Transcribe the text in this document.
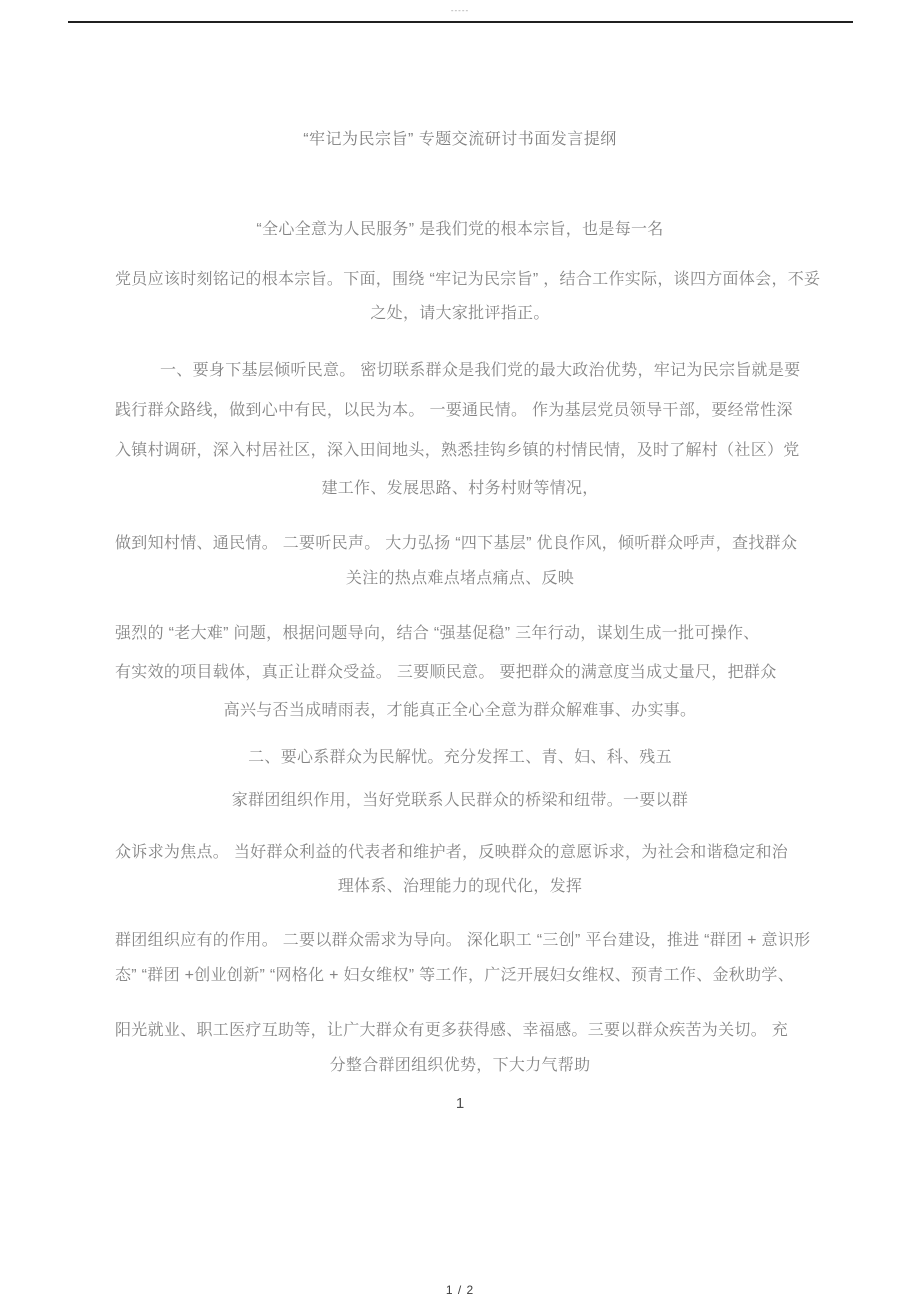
-----
“牢记为民宗旨” 专题交流研讨书面发言提纲
“全心全意为人民服务” 是我们党的根本宗旨，也是每一名
党员应该时刻铭记的根本宗旨。下面，围绕 “牢记为民宗旨” ，结合工作实际，谈四方面体会，不妥
之处，请大家批评指正。
一、要身下基层倾听民意。 密切联系群众是我们党的最大政治优势，牢记为民宗旨就是要
践行群众路线，做到心中有民，以民为本。 一要通民情。 作为基层党员领导干部，要经常性深
入镇村调研，深入村居社区，深入田间地头，熟悉挂钩乡镇的村情民情，及时了解村（社区）党
建工作、发展思路、村务村财等情况，
做到知村情、通民情。 二要听民声。 大力弘扬 “四下基层” 优良作风，倾听群众呼声，查找群众
关注的热点难点堵点痛点、反映
强烈的 “老大难” 问题，根据问题导向，结合 “强基促稳” 三年行动，谋划生成一批可操作、
有实效的项目载体，真正让群众受益。 三要顺民意。 要把群众的满意度当成丈量尺，把群众
高兴与否当成晴雨表，才能真正全心全意为群众解难事、办实事。
二、要心系群众为民解忧。充分发挥工、青、妇、科、残五
家群团组织作用，当好党联系人民群众的桥梁和纽带。一要以群
众诉求为焦点。 当好群众利益的代表者和维护者，反映群众的意愿诉求，为社会和谐稳定和治
理体系、治理能力的现代化，发挥
群团组织应有的作用。 二要以群众需求为导向。 深化职工 “三创” 平台建设，推进 “群团 + 意识形
态” “群团 +创业创新” “网格化 + 妇女维权” 等工作，广泛开展妇女维权、预青工作、金秋助学、
阳光就业、职工医疗互助等，让广大群众有更多获得感、幸福感。三要以群众疾苦为关切。 充
分整合群团组织优势，下大力气帮助
1
1 / 2
